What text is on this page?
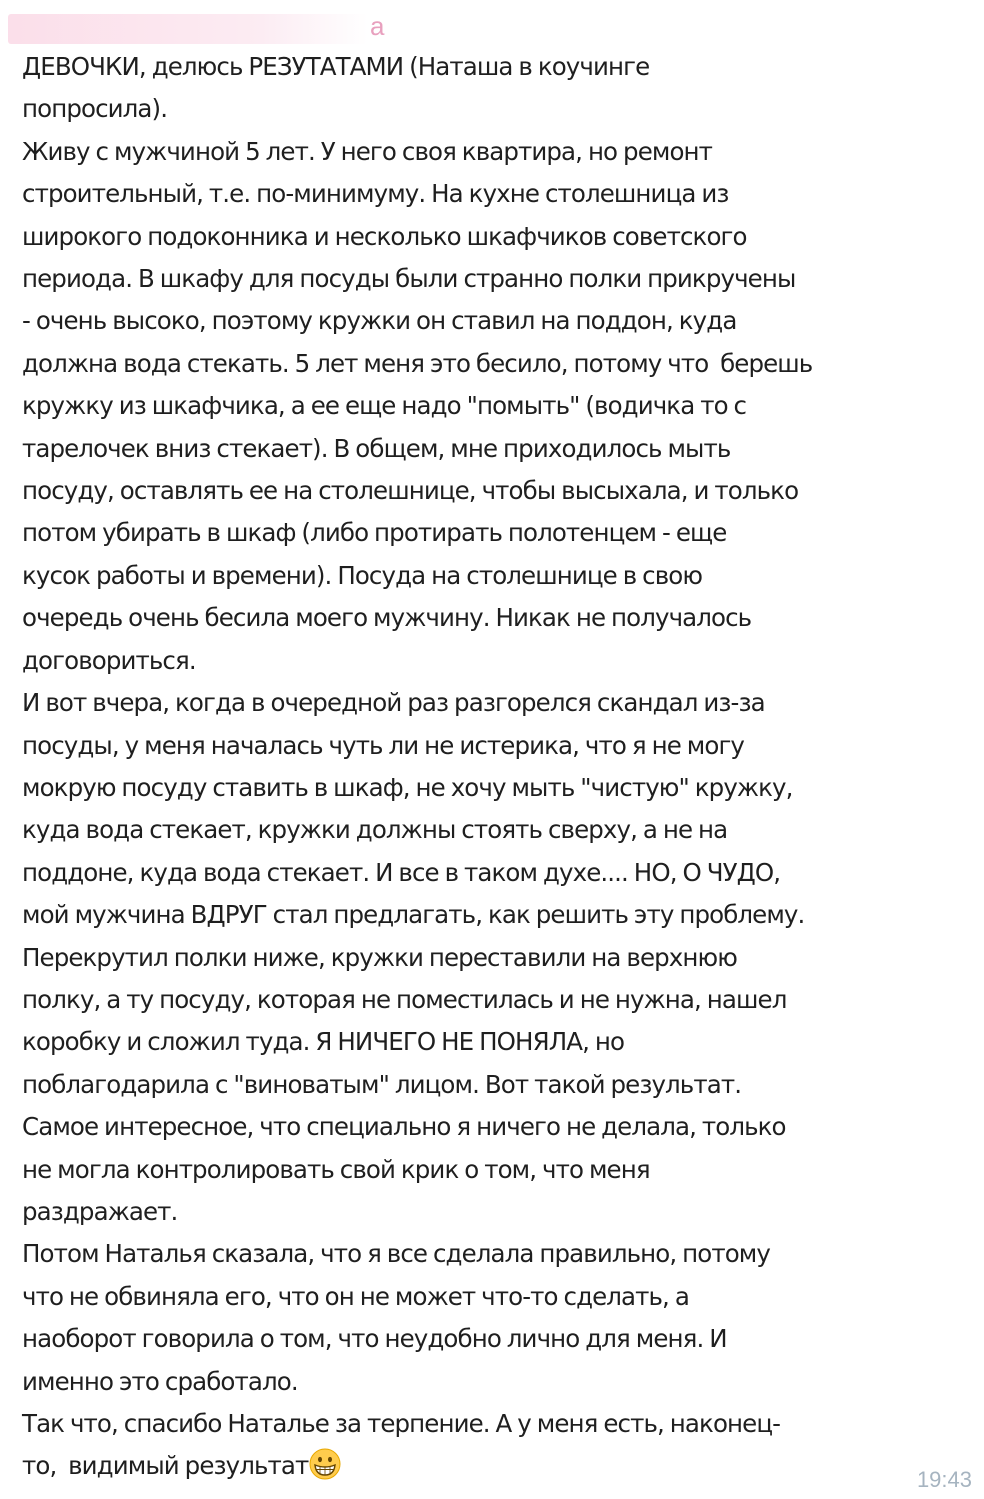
а
ДЕВОЧКИ, делюсь РЕЗУТАТАМИ (Наташа в коучинге
попросила).
Живу с мужчиной 5 лет. У него своя квартира, но ремонт
строительный, т.е. по-минимуму. На кухне столешница из
широкого подоконника и несколько шкафчиков советского
периода. В шкафу для посуды были странно полки прикручены
- очень высоко, поэтому кружки он ставил на поддон, куда
должна вода стекать. 5 лет меня это бесило, потому что  берешь
кружку из шкафчика, а ее еще надо "помыть" (водичка то с
тарелочек вниз стекает). В общем, мне приходилось мыть
посуду, оставлять ее на столешнице, чтобы высыхала, и только
потом убирать в шкаф (либо протирать полотенцем - еще
кусок работы и времени). Посуда на столешнице в свою
очередь очень бесила моего мужчину. Никак не получалось
договориться.
И вот вчера, когда в очередной раз разгорелся скандал из-за
посуды, у меня началась чуть ли не истерика, что я не могу
мокрую посуду ставить в шкаф, не хочу мыть "чистую" кружку,
куда вода стекает, кружки должны стоять сверху, а не на
поддоне, куда вода стекает. И все в таком духе.... НО, О ЧУДО,
мой мужчина ВДРУГ стал предлагать, как решить эту проблему.
Перекрутил полки ниже, кружки переставили на верхнюю
полку, а ту посуду, которая не поместилась и не нужна, нашел
коробку и сложил туда. Я НИЧЕГО НЕ ПОНЯЛА, но
поблагодарила с "виноватым" лицом. Вот такой результат.
Самое интересное, что специально я ничего не делала, только
не могла контролировать свой крик о том, что меня
раздражает.
Потом Наталья сказала, что я все сделала правильно, потому
что не обвиняла его, что он не может что-то сделать, а
наоборот говорила о том, что неудобно лично для меня. И
именно это сработало.
Так что, спасибо Наталье за терпение. А у меня есть, наконец-
то,  видимый результат	19:43
